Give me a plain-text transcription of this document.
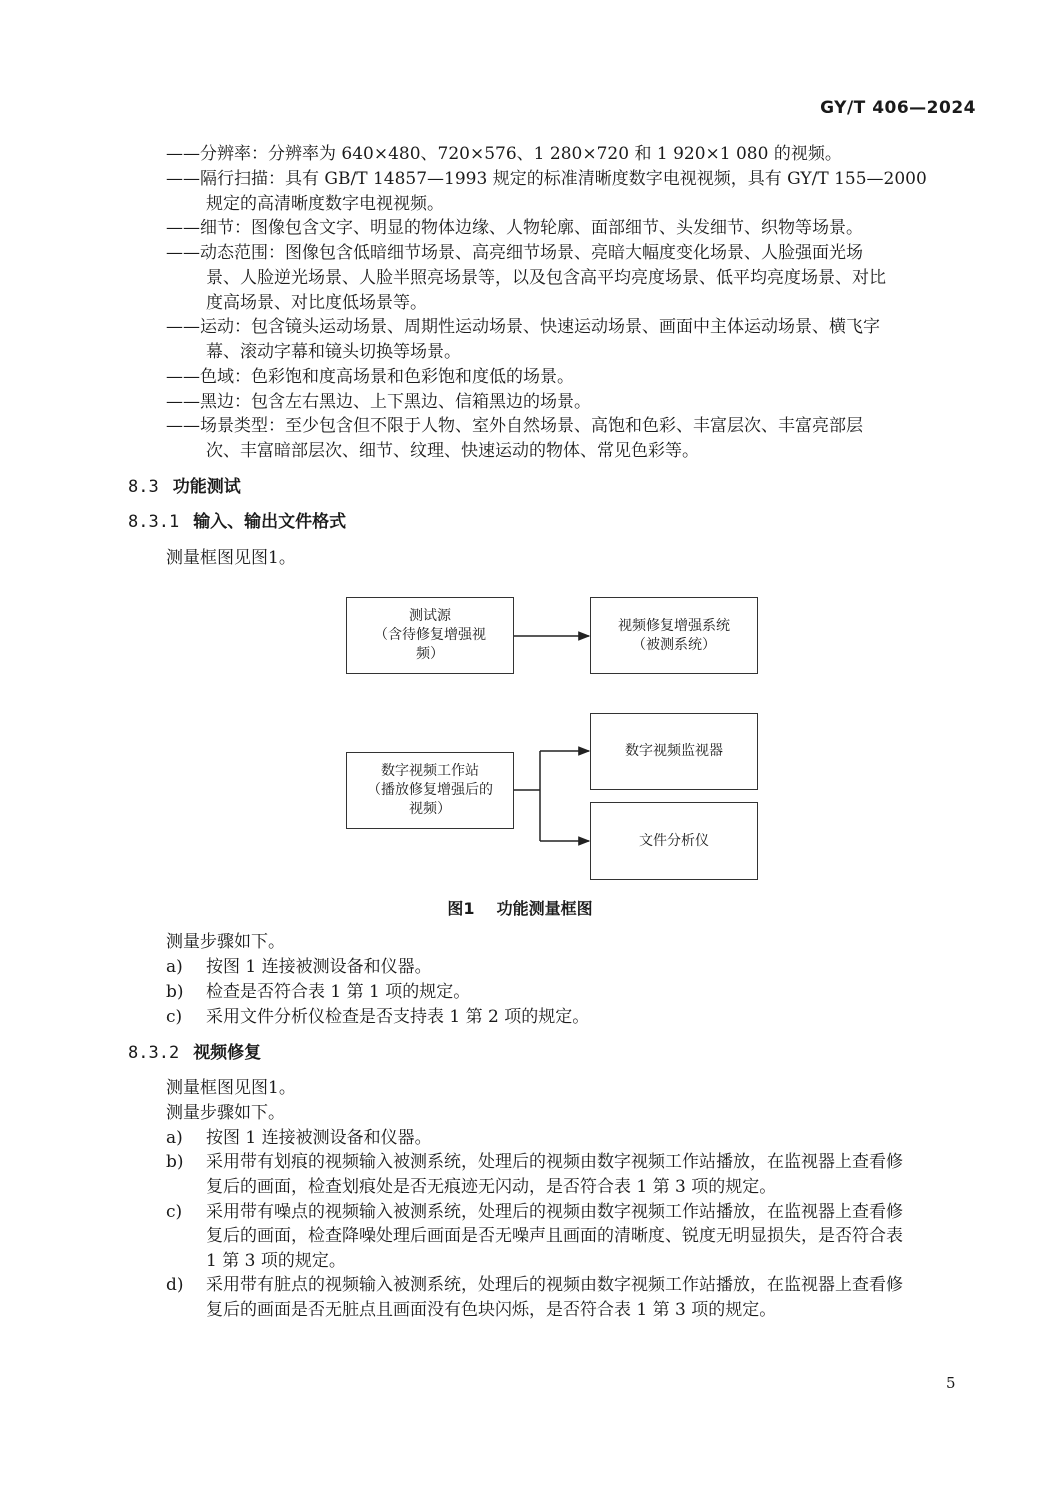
GY/T 406—2024
——分辨率：分辨率为 640×480、720×576、1 280×720 和 1 920×1 080 的视频。
——隔行扫描：具有 GB/T 14857—1993 规定的标准清晰度数字电视视频，具有 GY/T 155—2000
规定的高清晰度数字电视视频。
——细节：图像包含文字、明显的物体边缘、人物轮廓、面部细节、头发细节、织物等场景。
——动态范围：图像包含低暗细节场景、高亮细节场景、亮暗大幅度变化场景、人脸强面光场
景、人脸逆光场景、人脸半照亮场景等，以及包含高平均亮度场景、低平均亮度场景、对比
度高场景、对比度低场景等。
——运动：包含镜头运动场景、周期性运动场景、快速运动场景、画面中主体运动场景、横飞字
幕、滚动字幕和镜头切换等场景。
——色域：色彩饱和度高场景和色彩饱和度低的场景。
——黑边：包含左右黑边、上下黑边、信箱黑边的场景。
——场景类型：至少包含但不限于人物、室外自然场景、高饱和色彩、丰富层次、丰富亮部层
次、丰富暗部层次、细节、纹理、快速运动的物体、常见色彩等。
8.3 功能测试
8.3.1 输入、输出文件格式
测量框图见图1。
测试源
（含待修复增强视
频）
视频修复增强系统
（被测系统）
数字视频工作站
（播放修复增强后的
视频）
数字视频监视器
文件分析仪
图1 功能测量框图
测量步骤如下。
a) 按图 1 连接被测设备和仪器。
b) 检查是否符合表 1 第 1 项的规定。
c) 采用文件分析仪检查是否支持表 1 第 2 项的规定。
8.3.2 视频修复
测量框图见图1。
测量步骤如下。
a) 按图 1 连接被测设备和仪器。
b) 采用带有划痕的视频输入被测系统，处理后的视频由数字视频工作站播放，在监视器上查看修
复后的画面，检查划痕处是否无痕迹无闪动，是否符合表 1 第 3 项的规定。
c) 采用带有噪点的视频输入被测系统，处理后的视频由数字视频工作站播放，在监视器上查看修
复后的画面，检查降噪处理后画面是否无噪声且画面的清晰度、锐度无明显损失，是否符合表
1 第 3 项的规定。
d) 采用带有脏点的视频输入被测系统，处理后的视频由数字视频工作站播放，在监视器上查看修
复后的画面是否无脏点且画面没有色块闪烁，是否符合表 1 第 3 项的规定。
5
